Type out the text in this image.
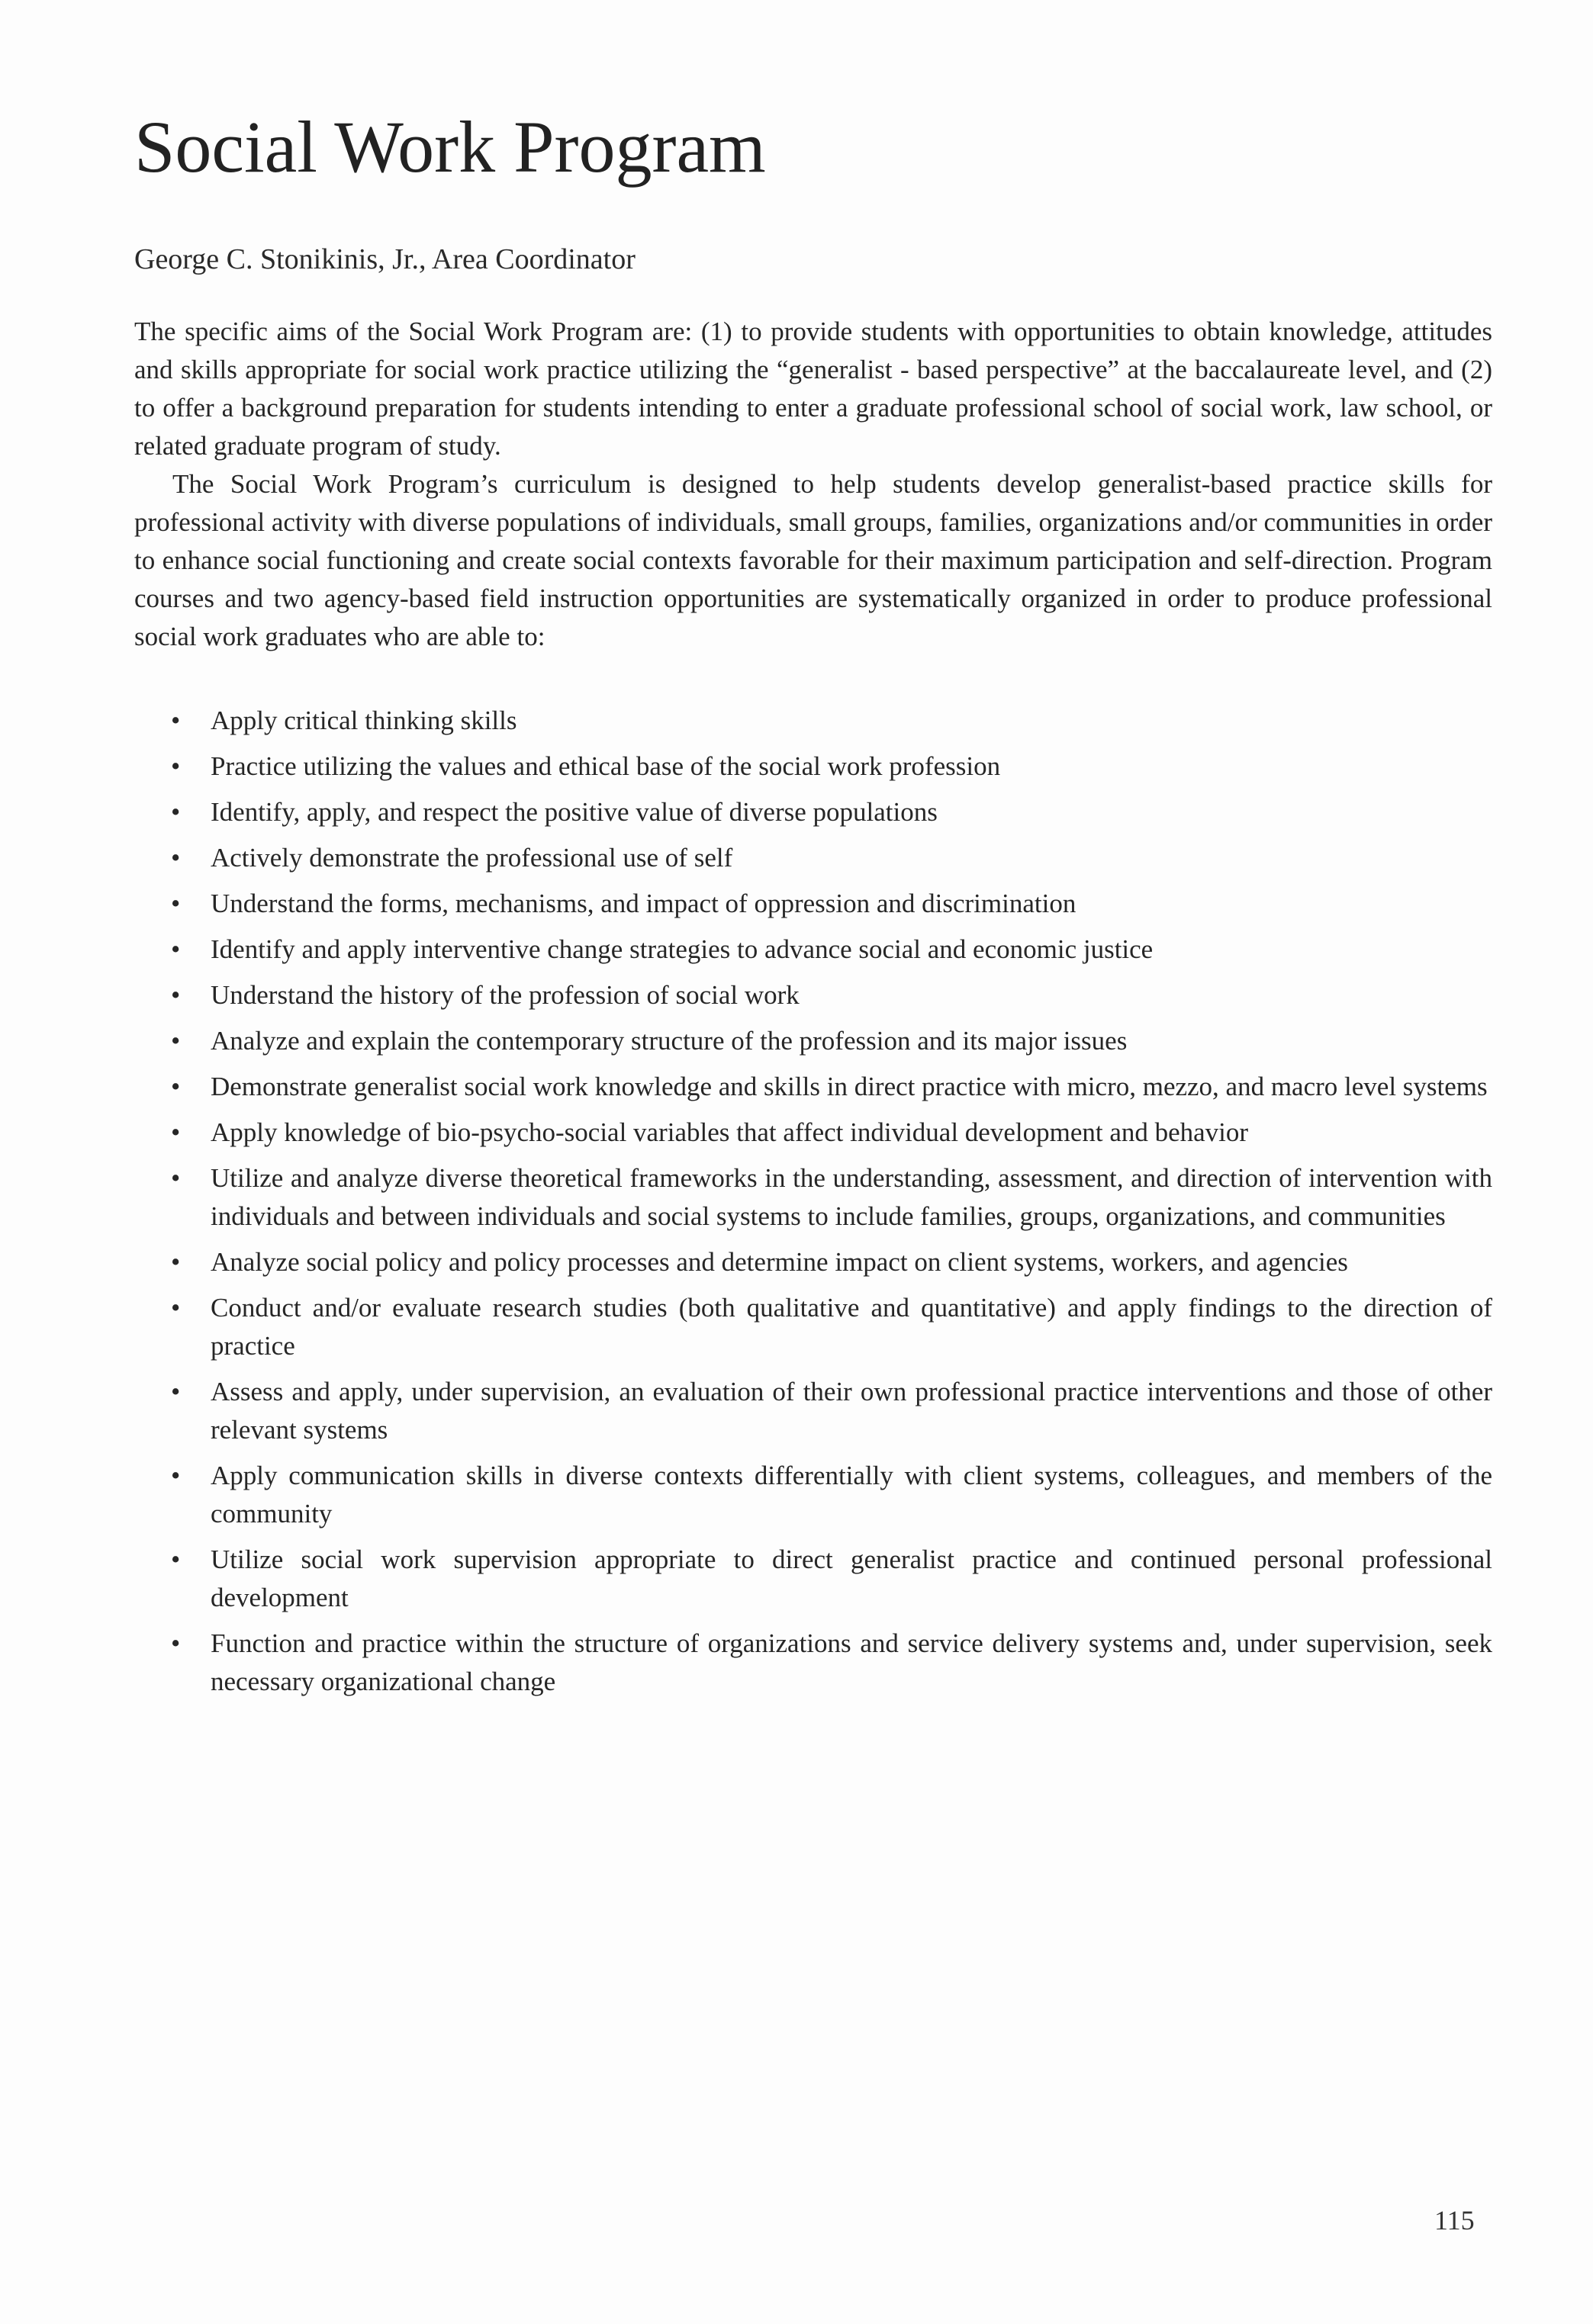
Social Work Program

George C. Stonikinis, Jr., Area Coordinator

The specific aims of the Social Work Program are: (1) to provide students with opportunities to obtain knowledge, attitudes and skills appropriate for social work practice utilizing the “generalist - based perspective” at the baccalaureate level, and (2) to offer a background preparation for students intending to enter a graduate professional school of social work, law school, or related graduate program of study.

The Social Work Program’s curriculum is designed to help students develop generalist-based practice skills for professional activity with diverse populations of individuals, small groups, families, organizations and/or communities in order to enhance social functioning and create social contexts favorable for their maximum participation and self-direction. Program courses and two agency-based field instruction opportunities are systematically organized in order to produce professional social work graduates who are able to:

•	Apply critical thinking skills
•	Practice utilizing the values and ethical base of the social work profession
•	Identify, apply, and respect the positive value of diverse populations
•	Actively demonstrate the professional use of self
•	Understand the forms, mechanisms, and impact of oppression and discrimination
•	Identify and apply interventive change strategies to advance social and economic justice
•	Understand the history of the profession of social work
•	Analyze and explain the contemporary structure of the profession and its major issues
•	Demonstrate generalist social work knowledge and skills in direct practice with micro, mezzo, and macro level systems
•	Apply knowledge of bio-psycho-social variables that affect individual development and behavior
•	Utilize and analyze diverse theoretical frameworks in the understanding, assessment, and direction of intervention with individuals and between individuals and social systems to include families, groups, organizations, and communities
•	Analyze social policy and policy processes and determine impact on client systems, workers, and agencies
•	Conduct and/or evaluate research studies (both qualitative and quantitative) and apply findings to the direction of practice
•	Assess and apply, under supervision, an evaluation of their own professional practice interventions and those of other relevant systems
•	Apply communication skills in diverse contexts differentially with client systems, colleagues, and members of the community
•	Utilize social work supervision appropriate to direct generalist practice and continued personal professional development
•	Function and practice within the structure of organizations and service delivery systems and, under supervision, seek necessary organizational change
115
